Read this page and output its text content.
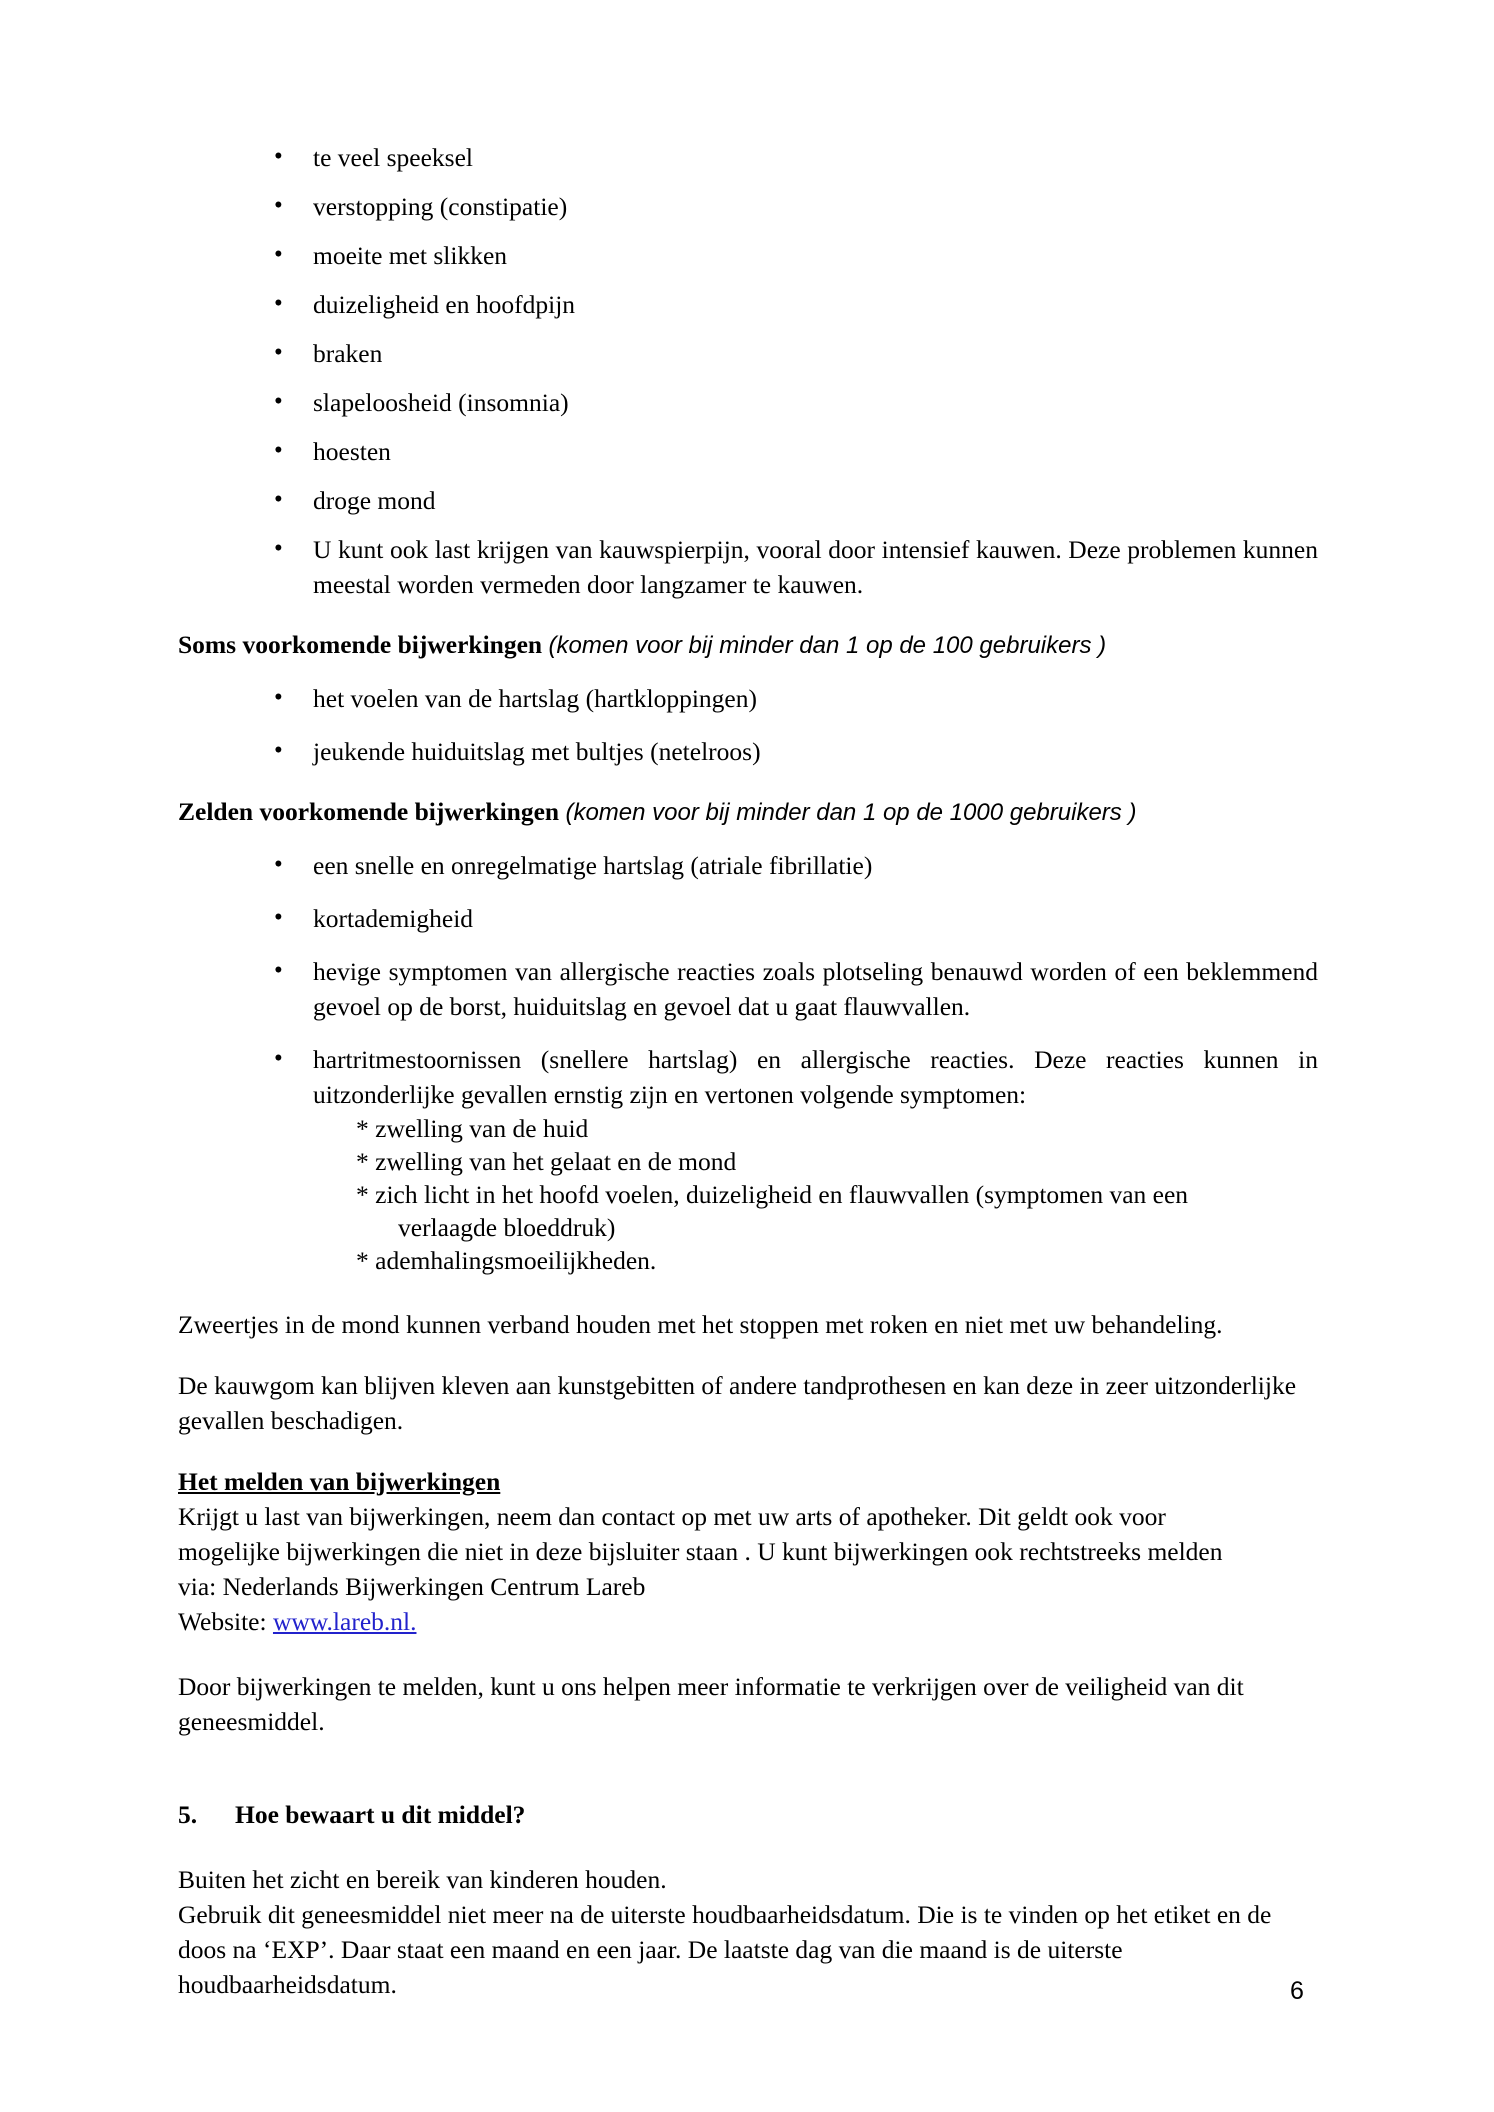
• te veel speeksel
• verstopping (constipatie)
• moeite met slikken
• duizeligheid en hoofdpijn
• braken
• slapeloosheid (insomnia)
• hoesten
• droge mond
• U kunt ook last krijgen van kauwspierpijn, vooral door intensief kauwen. Deze problemen kunnen meestal worden vermeden door langzamer te kauwen.
Soms voorkomende bijwerkingen (komen voor bij minder dan 1 op de 100 gebruikers )
• het voelen van de hartslag (hartkloppingen)
• jeukende huiduitslag met bultjes (netelroos)
Zelden voorkomende bijwerkingen (komen voor bij minder dan 1 op de 1000 gebruikers )
• een snelle en onregelmatige hartslag (atriale fibrillatie)
• kortademigheid
• hevige symptomen van allergische reacties zoals plotseling benauwd worden of een beklemmend gevoel op de borst, huiduitslag en gevoel dat u gaat flauwvallen.
• hartritmestoornissen (snellere hartslag) en allergische reacties. Deze reacties kunnen in uitzonderlijke gevallen ernstig zijn en vertonen volgende symptomen:
* zwelling van de huid
* zwelling van het gelaat en de mond
* zich licht in het hoofd voelen, duizeligheid en flauwvallen (symptomen van een
verlaagde bloeddruk)
* ademhalingsmoeilijkheden.

Zweertjes in de mond kunnen verband houden met het stoppen met roken en niet met uw behandeling.

De kauwgom kan blijven kleven aan kunstgebitten of andere tandprothesen en kan deze in zeer uitzonderlijke gevallen beschadigen.

Het melden van bijwerkingen
Krijgt u last van bijwerkingen, neem dan contact op met uw arts of apotheker. Dit geldt ook voor
mogelijke bijwerkingen die niet in deze bijsluiter staan . U kunt bijwerkingen ook rechtstreeks melden
via: Nederlands Bijwerkingen Centrum Lareb
Website: www.lareb.nl.

Door bijwerkingen te melden, kunt u ons helpen meer informatie te verkrijgen over de veiligheid van dit geneesmiddel.

5.	Hoe bewaart u dit middel?

Buiten het zicht en bereik van kinderen houden.
Gebruik dit geneesmiddel niet meer na de uiterste houdbaarheidsdatum. Die is te vinden op het etiket en de doos na ‘EXP’. Daar staat een maand en een jaar. De laatste dag van die maand is de uiterste houdbaarheidsdatum.	6
